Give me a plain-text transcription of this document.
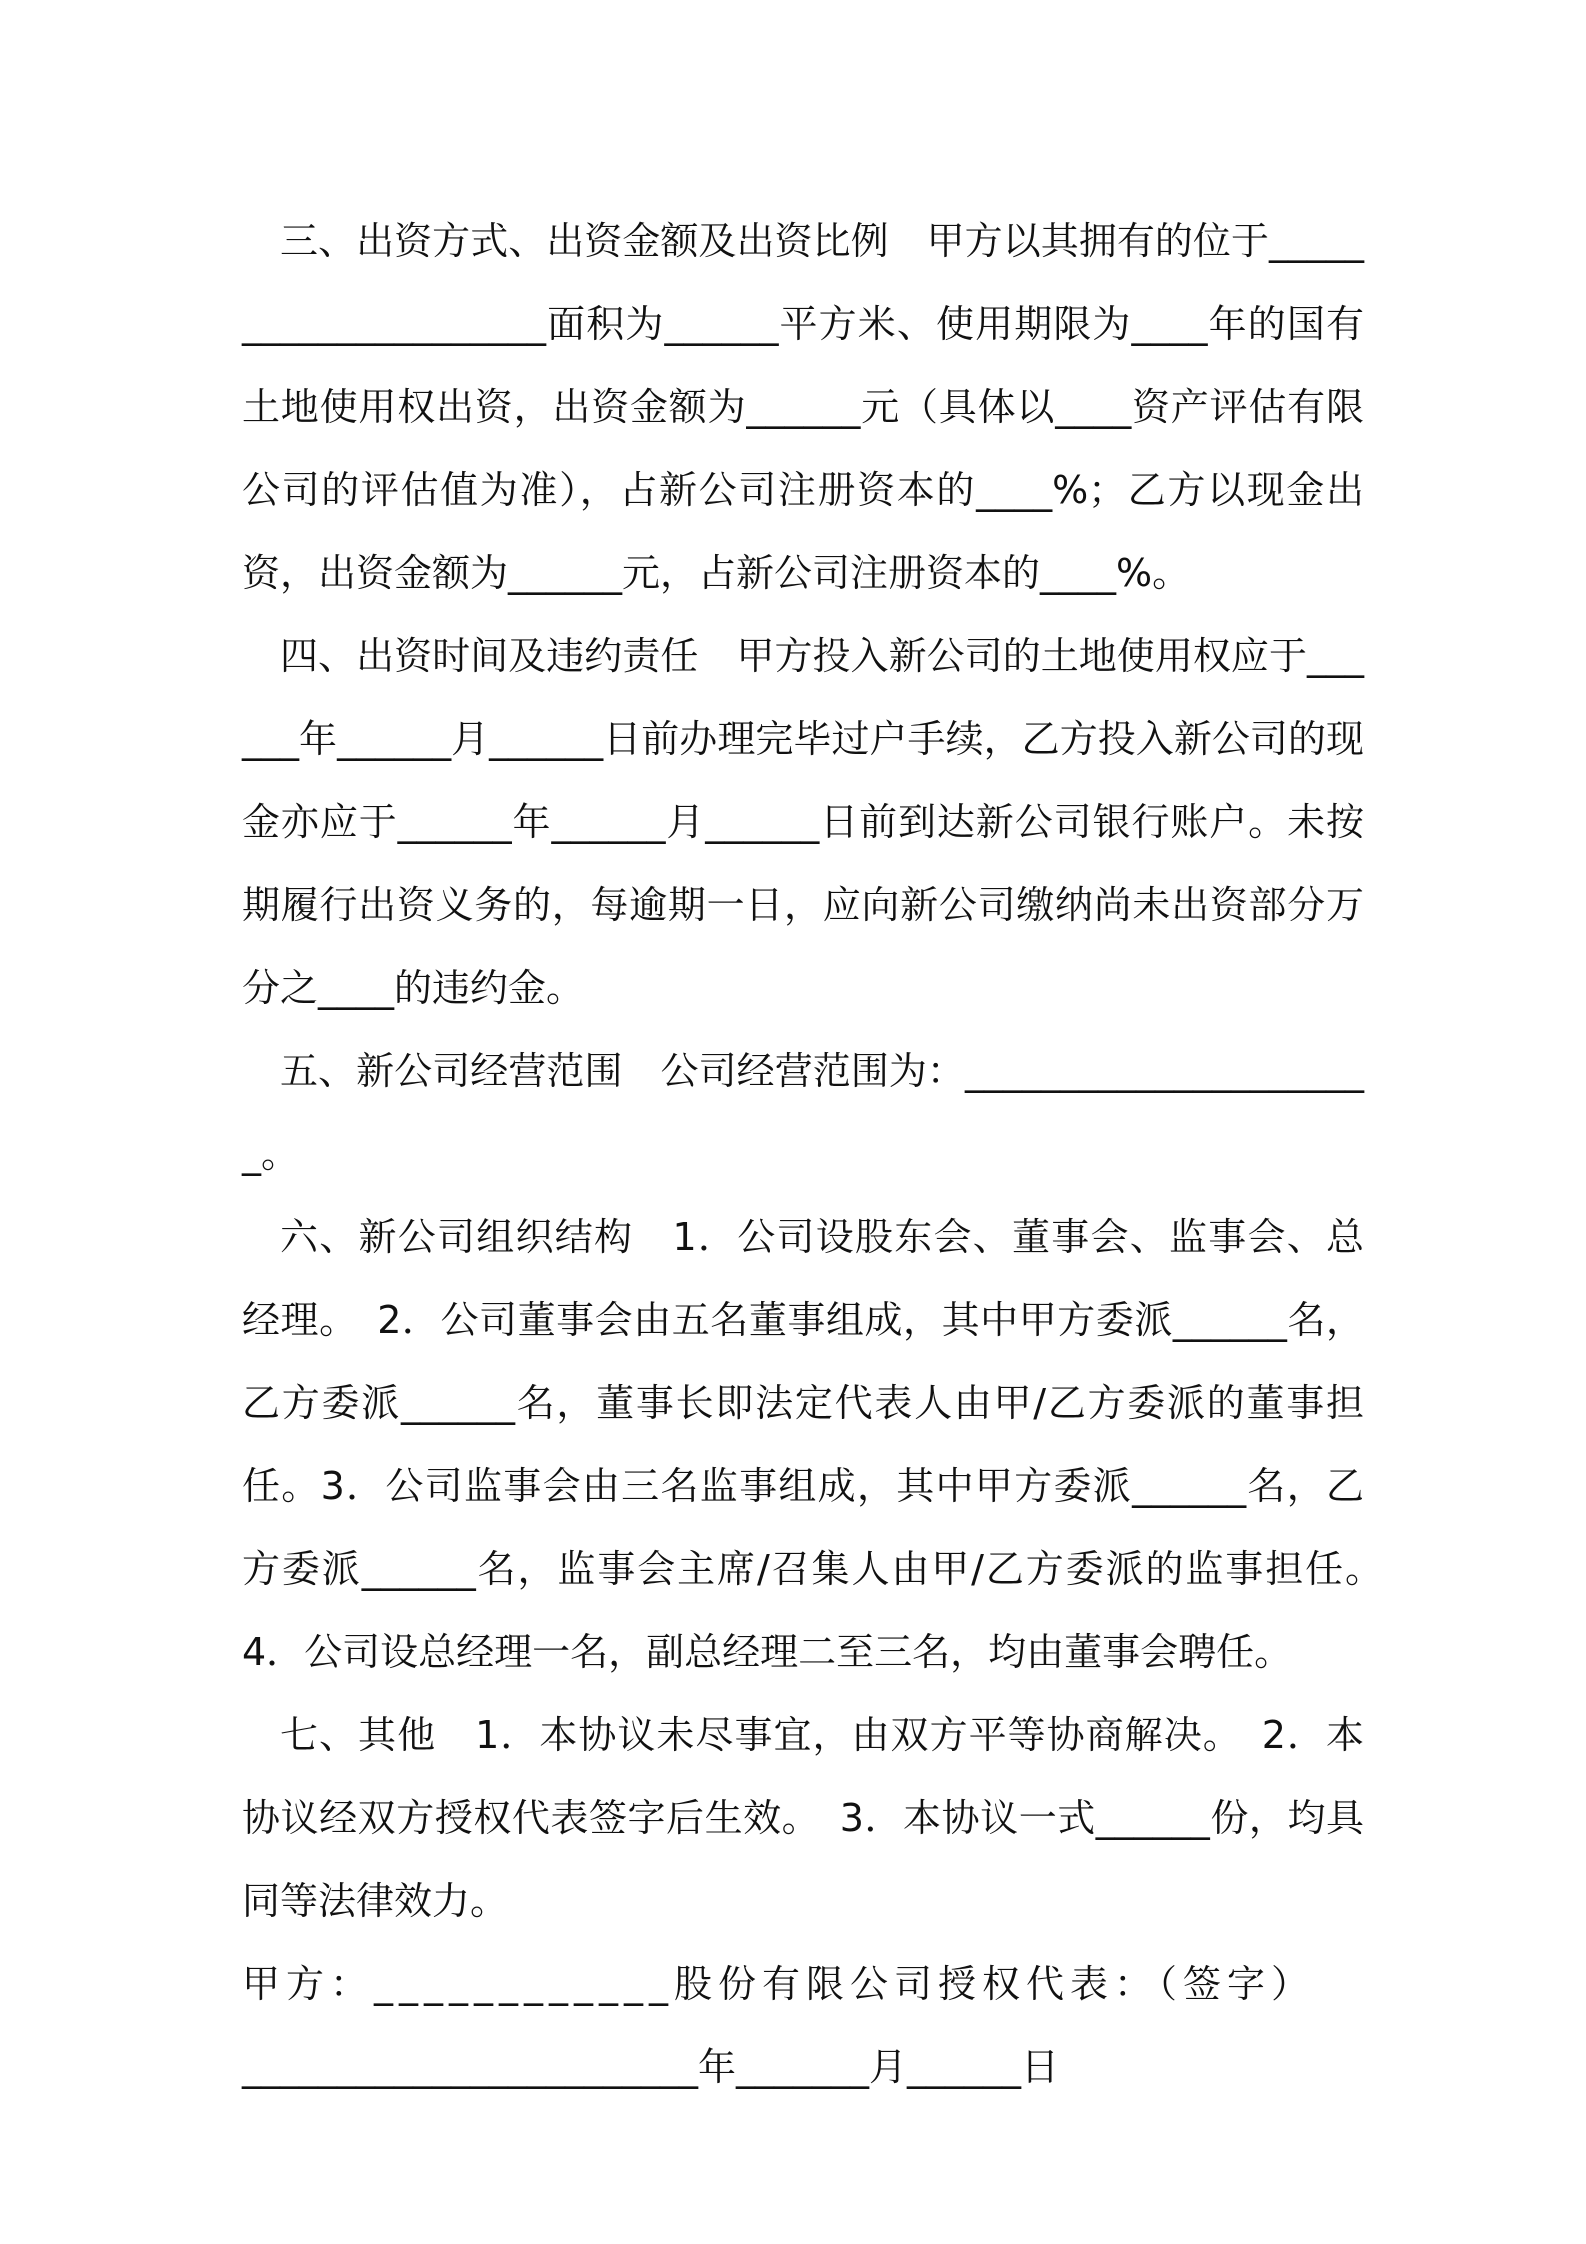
三、出资方式、出资金额及出资比例　甲方以其拥有的位于_____________________面积为______平方米、使用期限为____年的国有土地使用权出资，出资金额为______元（具体以____资产评估有限公司的评估值为准），占新公司注册资本的____%；乙方以现金出资，出资金额为______元，占新公司注册资本的____%。

四、出资时间及违约责任　甲方投入新公司的土地使用权应于______年______月______日前办理完毕过户手续，乙方投入新公司的现金亦应于______年______月______日前到达新公司银行账户。未按期履行出资义务的，每逾期一日，应向新公司缴纳尚未出资部分万分之____的违约金。

五、新公司经营范围　公司经营范围为：______________________。

六、新公司组织结构　1．公司设股东会、董事会、监事会、总经理。　2．公司董事会由五名董事组成，其中甲方委派______名，乙方委派______名，董事长即法定代表人由甲/乙方委派的董事担任。3．公司监事会由三名监事组成，其中甲方委派______名，乙方委派______名，监事会主席/召集人由甲/乙方委派的监事担任。　4．公司设总经理一名，副总经理二至三名，均由董事会聘任。

七、其他　1．本协议未尽事宜，由双方平等协商解决。　2．本协议经双方授权代表签字后生效。　3．本协议一式______份，均具同等法律效力。

甲方：____________股份有限公司授权代表：（签字）

________________________年_______月______日
